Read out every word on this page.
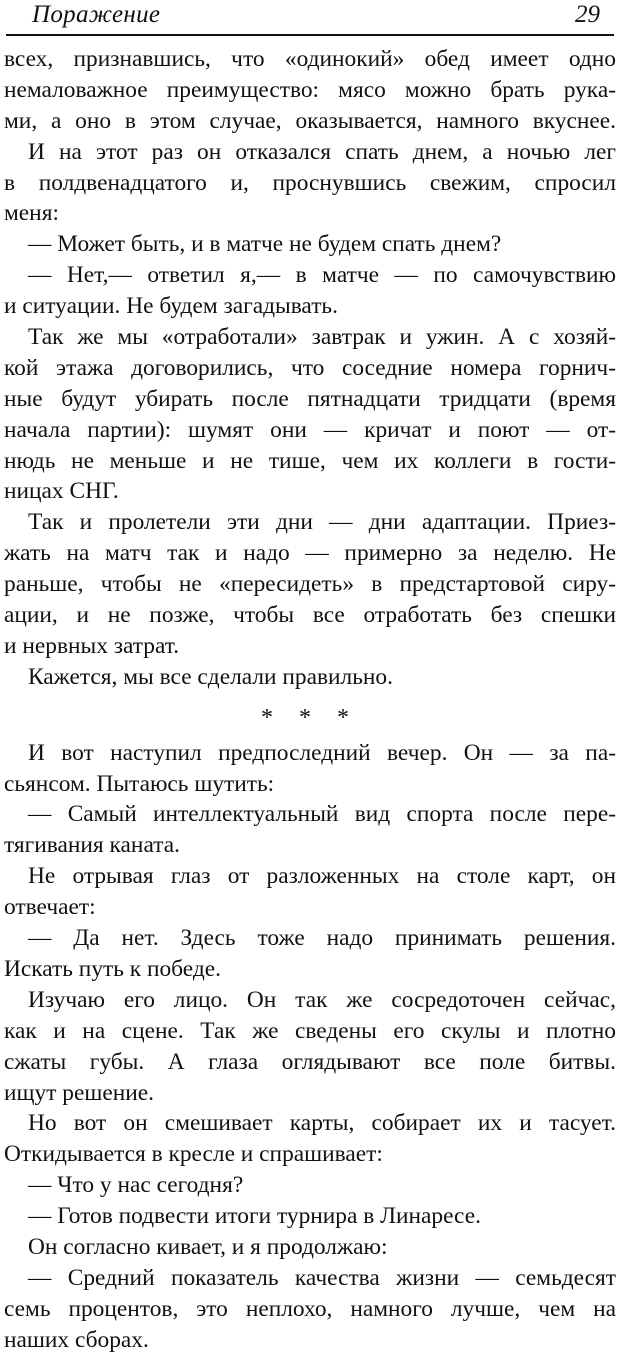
Поражение	29
всех, признавшись, что «одинокий» обед имеет одно
немаловажное преимущество: мясо можно брать рука-
ми, а оно в этом случае, оказывается, намного вкуснее.
И на этот раз он отказался спать днем, а ночью лег
в полдвенадцатого и, проснувшись свежим, спросил
меня:
— Может быть, и в матче не будем спать днем?
— Нет,— ответил я,— в матче — по самочувствию
и ситуации. Не будем загадывать.
Так же мы «отработали» завтрак и ужин. А с хозяй-
кой этажа договорились, что соседние номера горнич-
ные будут убирать после пятнадцати тридцати (время
начала партии): шумят они — кричат и поют — от-
нюдь не меньше и не тише, чем их коллеги в гости-
ницах СНГ.
Так и пролетели эти дни — дни адаптации. Приез-
жать на матч так и надо — примерно за неделю. Не
раньше, чтобы не «пересидеть» в предстартовой сиру-
ации, и не позже, чтобы все отработать без спешки
и нервных затрат.
Кажется, мы все сделали правильно.
* * *
И вот наступил предпоследний вечер. Он — за па-
сьянсом. Пытаюсь шутить:
— Самый интеллектуальный вид спорта после пере-
тягивания каната.
Не отрывая глаз от разложенных на столе карт, он
отвечает:
— Да нет. Здесь тоже надо принимать решения.
Искать путь к победе.
Изучаю его лицо. Он так же сосредоточен сейчас,
как и на сцене. Так же сведены его скулы и плотно
сжаты губы. А глаза оглядывают все поле битвы.
ищут решение.
Но вот он смешивает карты, собирает их и тасует.
Откидывается в кресле и спрашивает:
— Что у нас сегодня?
— Готов подвести итоги турнира в Линаресе.
Он согласно кивает, и я продолжаю:
— Средний показатель качества жизни — семьдесят
семь процентов, это неплохо, намного лучше, чем на
наших сборах.
